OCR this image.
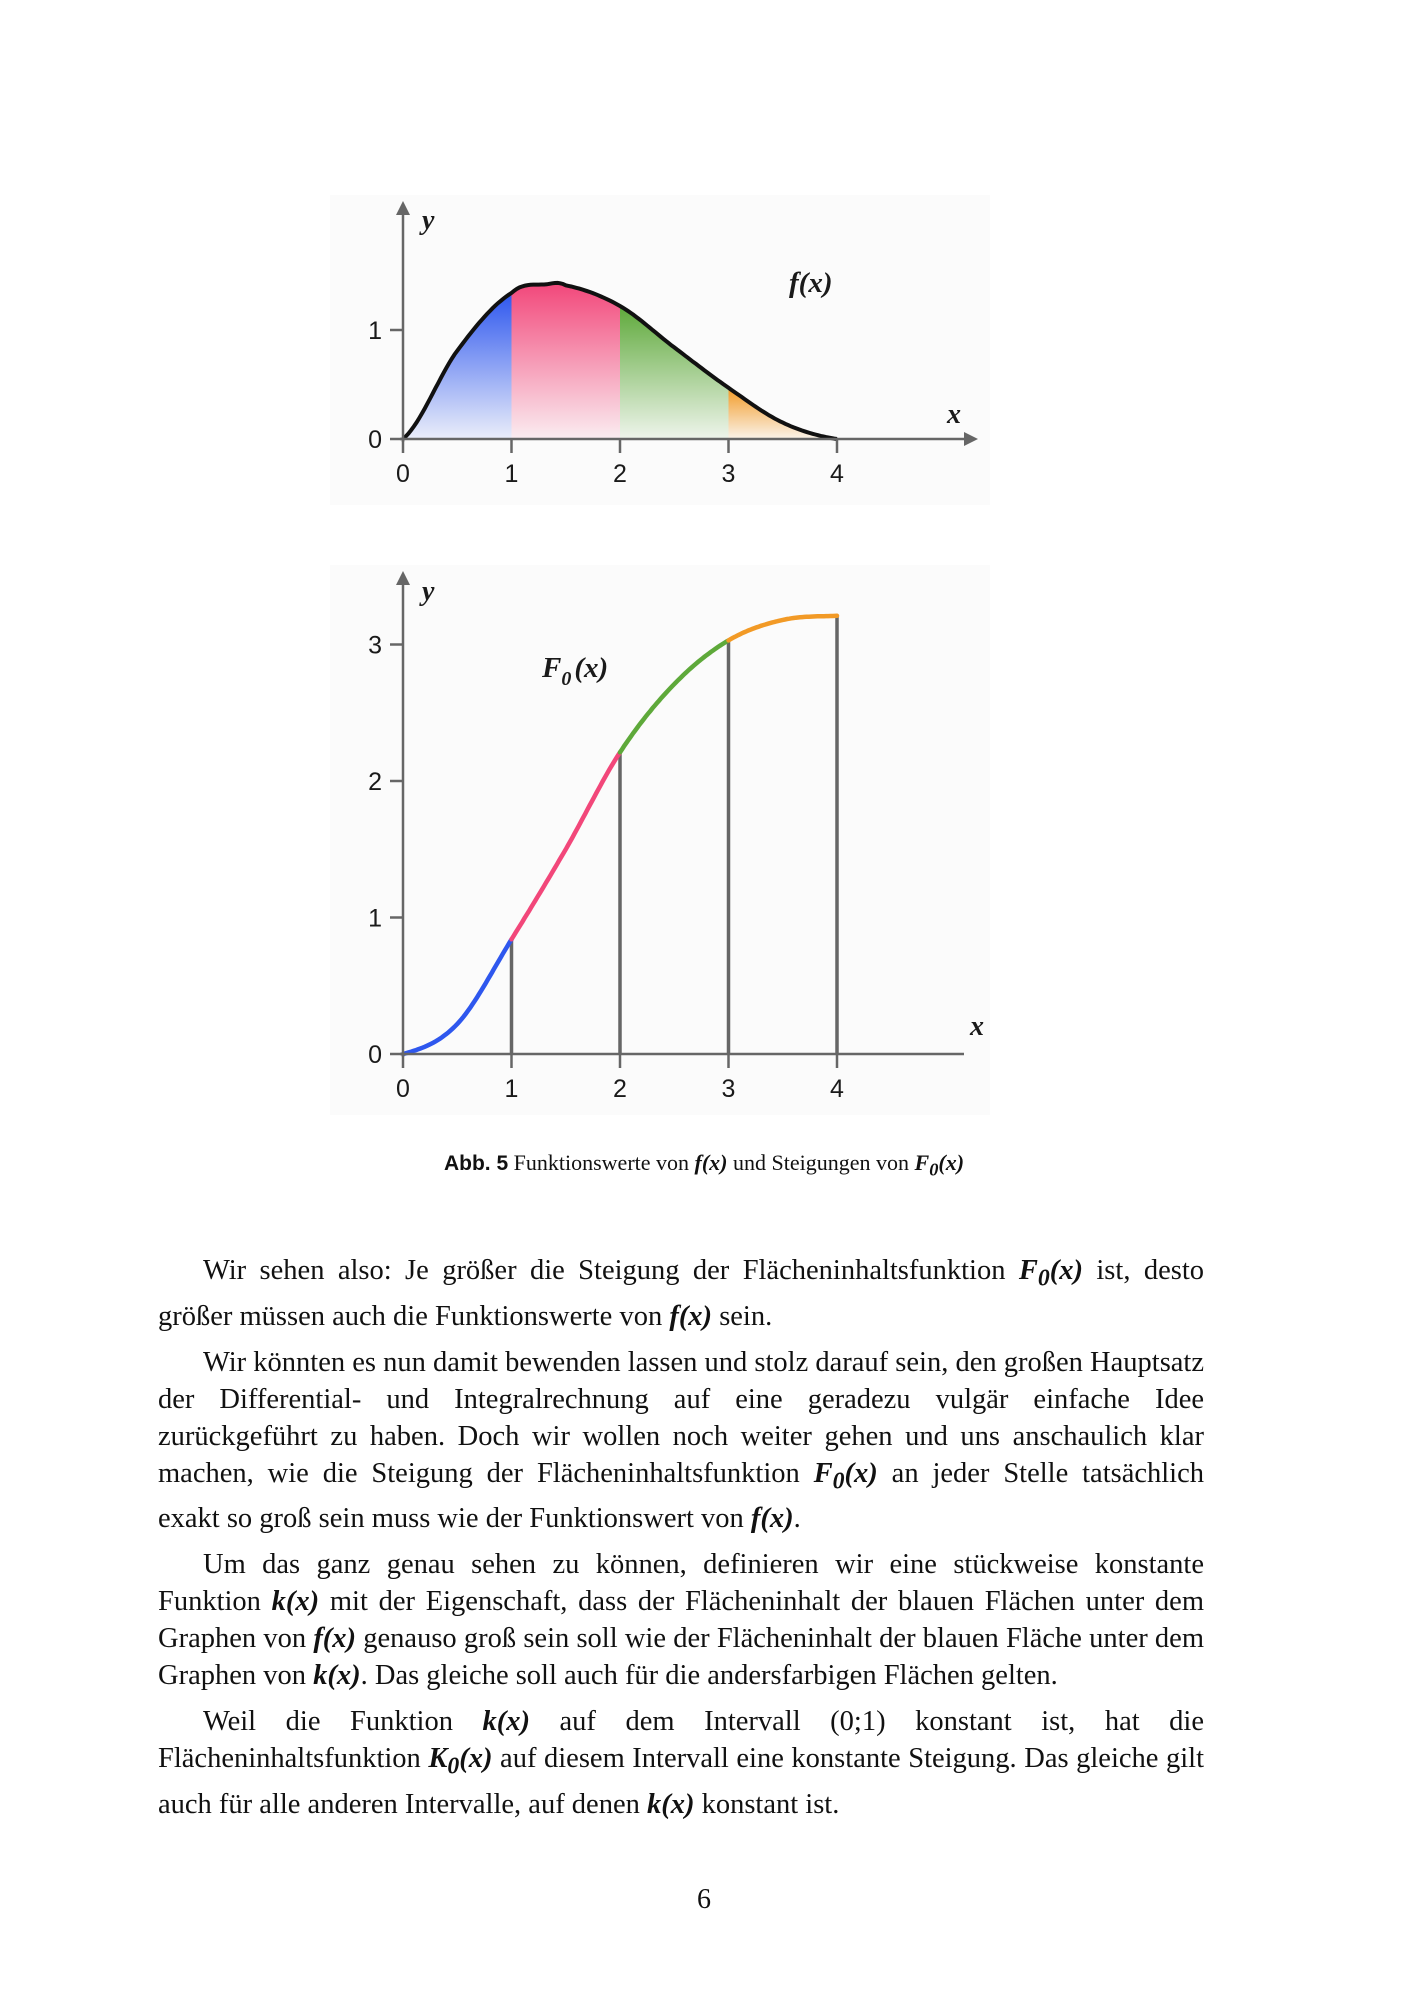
0	1	2	3	4
0
1
y
x
f(x)
0	1	2	3	4
0
1
2
3
y
x
$F_0$ (x)
Abb. 5 Funktionswerte von f(x) und Steigungen von $F_0(x)$

Wir sehen also: Je größer die Steigung der Flächeninhaltsfunktion $F_0(x)$ ist, desto größer müssen auch die Funktionswerte von f(x) sein.

Wir könnten es nun damit bewenden lassen und stolz darauf sein, den großen Hauptsatz der Differential- und Integralrechnung auf eine geradezu vulgär einfache Idee zurückgeführt zu haben. Doch wir wollen noch weiter gehen und uns anschaulich klar machen, wie die Steigung der Flächeninhaltsfunktion $F_0(x)$ an jeder Stelle tatsächlich exakt so groß sein muss wie der Funktionswert von f(x).

Um das ganz genau sehen zu können, definieren wir eine stückweise konstante Funktion k(x) mit der Eigenschaft, dass der Flächeninhalt der blauen Flächen unter dem Graphen von f(x) genauso groß sein soll wie der Flächeninhalt der blauen Fläche unter dem Graphen von k(x). Das gleiche soll auch für die andersfarbigen Flächen gelten.

Weil die Funktion k(x) auf dem Intervall (0;1) konstant ist, hat die Flächeninhaltsfunktion $K_0(x)$ auf diesem Intervall eine konstante Steigung. Das gleiche gilt auch für alle anderen Intervalle, auf denen k(x) konstant ist.

6
